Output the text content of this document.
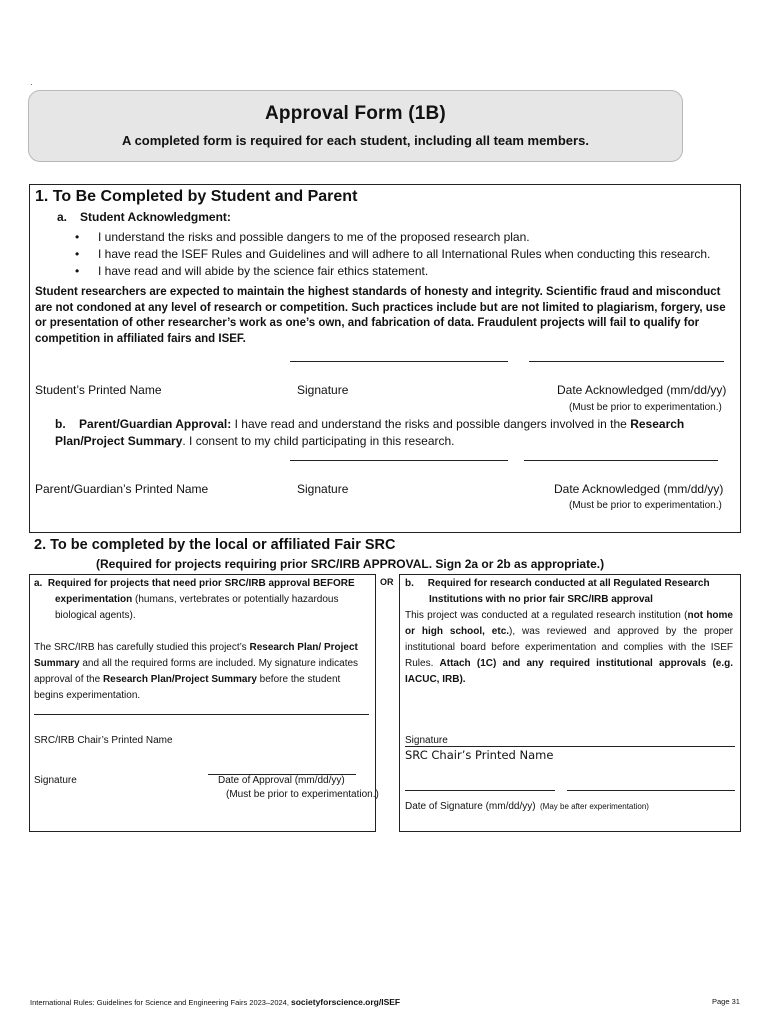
·
Approval Form (1B)
A completed form is required for each student, including all team members.
1. To Be Completed by Student and Parent
a. Student Acknowledgment:
• I understand the risks and possible dangers to me of the proposed research plan.
• I have read the ISEF Rules and Guidelines and will adhere to all International Rules when conducting this research.
• I have read and will abide by the science fair ethics statement.
Student researchers are expected to maintain the highest standards of honesty and integrity. Scientific fraud and misconduct are not condoned at any level of research or competition. Such practices include but are not limited to plagiarism, forgery, use or presentation of other researcher’s work as one’s own, and fabrication of data. Fraudulent projects will fail to qualify for competition in affiliated fairs and ISEF.
Student’s Printed Name	Signature	Date Acknowledged (mm/dd/yy)
(Must be prior to experimentation.)
b. Parent/Guardian Approval: I have read and understand the risks and possible dangers involved in the Research Plan/Project Summary. I consent to my child participating in this research.
Parent/Guardian’s Printed Name	Signature	Date Acknowledged (mm/dd/yy)
(Must be prior to experimentation.)
2. To be completed by the local or affiliated Fair SRC
(Required for projects requiring prior SRC/IRB APPROVAL. Sign 2a or 2b as appropriate.)
OR
a. Required for projects that need prior SRC/IRB approval BEFORE
experimentation (humans, vertebrates or potentially hazardous
biological agents).
The SRC/IRB has carefully studied this project’s Research Plan/ Project Summary and all the required forms are included. My signature indicates approval of the Research Plan/Project Summary before the student begins experimentation.
SRC/IRB Chair’s Printed Name
Signature	Date of Approval (mm/dd/yy)
(Must be prior to experimentation.)
b. Required for research conducted at all Regulated Research
Institutions with no prior fair SRC/IRB approval
This project was conducted at a regulated research institution (not home or high school, etc.), was reviewed and approved by the proper institutional board before experimentation and complies with the ISEF Rules. Attach (1C) and any required institutional approvals (e.g. IACUC, IRB).
Signature
SRC Chair’s Printed Name
Date of Signature (mm/dd/yy) (May be after experimentation)
International Rules: Guidelines for Science and Engineering Fairs 2023–2024, societyforscience.org/ISEF	Page 31
